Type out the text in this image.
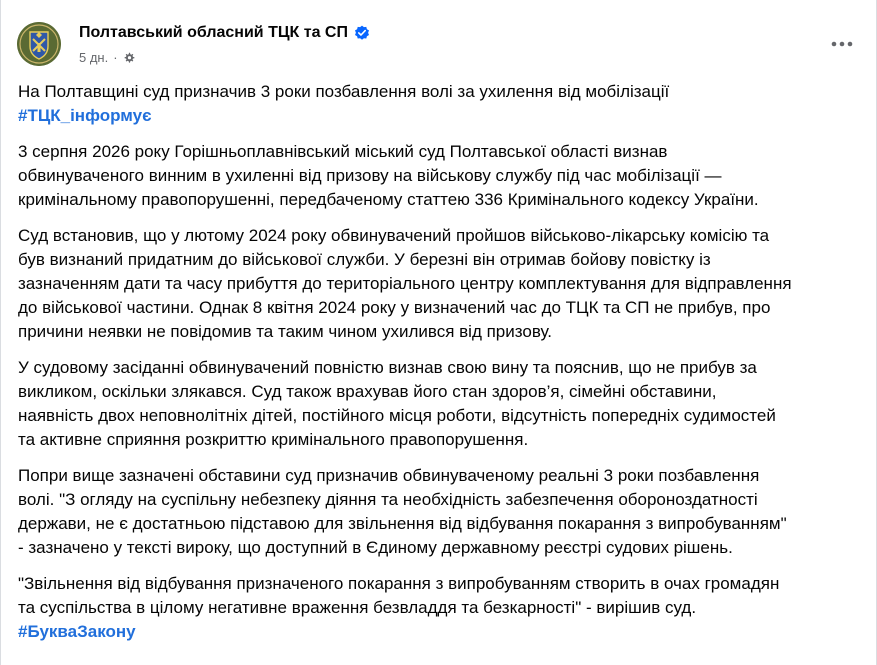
Полтавський обласний ТЦК та СП
5 дн. ·

На Полтавщині суд призначив 3 роки позбавлення волі за ухилення від мобілізації

#ТЦК_інформує

3 серпня 2026 року Горішньоплавнівський міський суд Полтавської області визнав
обвинуваченого винним в ухиленні від призову на військову службу під час мобілізації —
кримінальному правопорушенні, передбаченому статтею 336 Кримінального кодексу України.

Суд встановив, що у лютому 2024 року обвинувачений пройшов військово-лікарську комісію та
був визнаний придатним до військової служби. У березні він отримав бойову повістку із
зазначенням дати та часу прибуття до територіального центру комплектування для відправлення
до військової частини. Однак 8 квітня 2024 року у визначений час до ТЦК та СП не прибув, про
причини неявки не повідомив та таким чином ухилився від призову.

У судовому засіданні обвинувачений повністю визнав свою вину та пояснив, що не прибув за
викликом, оскільки злякався. Суд також врахував його стан здоров’я, сімейні обставини,
наявність двох неповнолітніх дітей, постійного місця роботи, відсутність попередніх судимостей
та активне сприяння розкриттю кримінального правопорушення.

Попри вище зазначені обставини суд призначив обвинуваченому реальні 3 роки позбавлення
волі. "З огляду на суспільну небезпеку діяння та необхідність забезпечення обороноздатності
держави, не є достатньою підставою для звільнення від відбування покарання з випробуванням"
- зазначено у тексті вироку, що доступний в Єдиному державному реєстрі судових рішень.

"Звільнення від відбування призначеного покарання з випробуванням створить в очах громадян
та суспільства в цілому негативне враження безвладдя та безкарності" - вирішив суд.

#БукваЗакону
